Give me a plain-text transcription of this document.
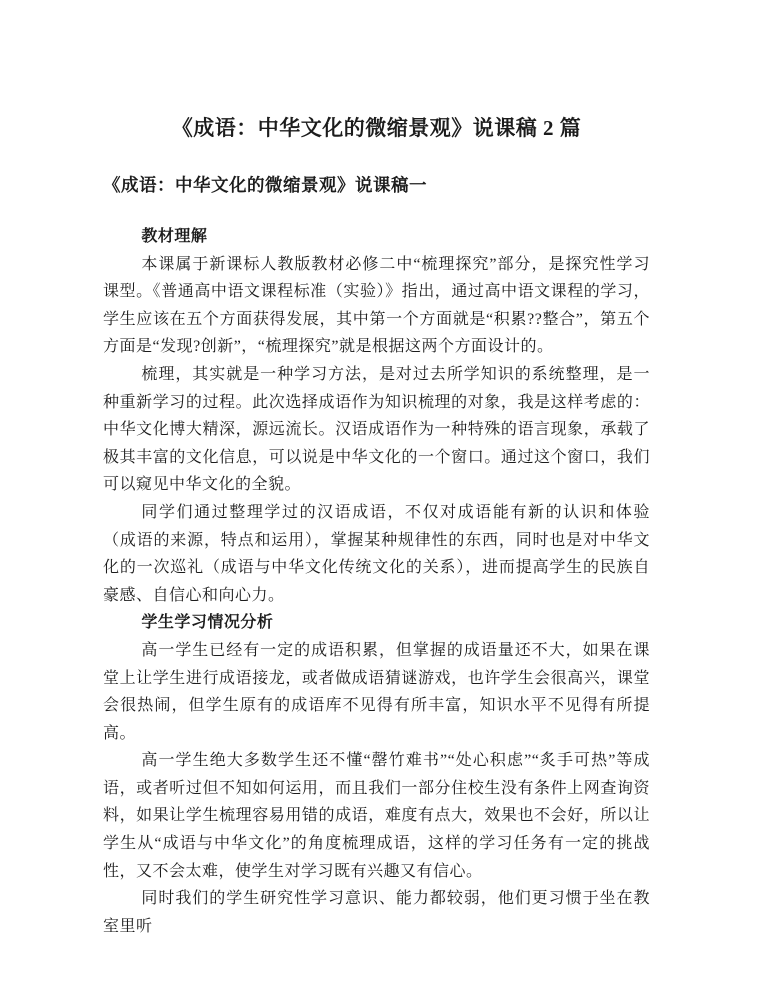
《成语：中华文化的微缩景观》说课稿 2 篇
《成语：中华文化的微缩景观》说课稿一
教材理解

本课属于新课标人教版教材必修二中“梳理探究”部分，是探究性学习课型。《普通高中语文课程标准（实验）》指出，通过高中语文课程的学习，学生应该在五个方面获得发展，其中第一个方面就是“积累??整合”，第五个方面是“发现?创新”，“梳理探究”就是根据这两个方面设计的。

梳理，其实就是一种学习方法，是对过去所学知识的系统整理，是一种重新学习的过程。此次选择成语作为知识梳理的对象，我是这样考虑的：中华文化博大精深，源远流长。汉语成语作为一种特殊的语言现象，承载了极其丰富的文化信息，可以说是中华文化的一个窗口。通过这个窗口，我们可以窥见中华文化的全貌。

同学们通过整理学过的汉语成语，不仅对成语能有新的认识和体验（成语的来源，特点和运用），掌握某种规律性的东西，同时也是对中华文化的一次巡礼（成语与中华文化传统文化的关系），进而提高学生的民族自豪感、自信心和向心力。

学生学习情况分析

高一学生已经有一定的成语积累，但掌握的成语量还不大，如果在课堂上让学生进行成语接龙，或者做成语猜谜游戏，也许学生会很高兴，课堂会很热闹，但学生原有的成语库不见得有所丰富，知识水平不见得有所提高。

高一学生绝大多数学生还不懂“罄竹难书”“处心积虑”“炙手可热”等成语，或者听过但不知如何运用，而且我们一部分住校生没有条件上网查询资料，如果让学生梳理容易用错的成语，难度有点大，效果也不会好，所以让学生从“成语与中华文化”的角度梳理成语，这样的学习任务有一定的挑战性，又不会太难，使学生对学习既有兴趣又有信心。

同时我们的学生研究性学习意识、能力都较弱，他们更习惯于坐在教室里听
